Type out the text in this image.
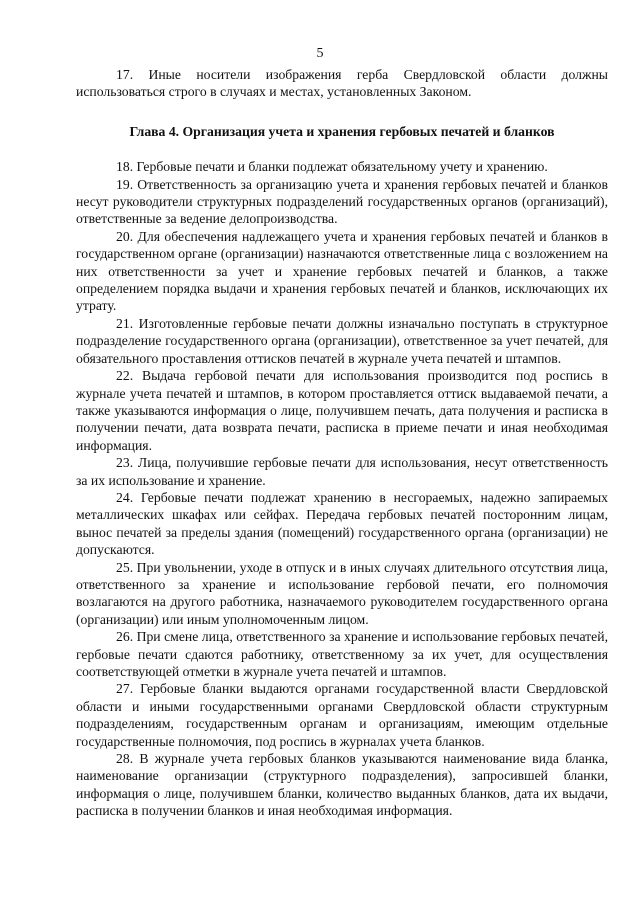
5

17. Иные носители изображения герба Свердловской области должны использоваться строго в случаях и местах, установленных Законом.

Глава 4. Организация учета и хранения гербовых печатей и бланков

18. Гербовые печати и бланки подлежат обязательному учету и хранению.

19. Ответственность за организацию учета и хранения гербовых печатей и бланков несут руководители структурных подразделений государственных органов (организаций), ответственные за ведение делопроизводства.

20. Для обеспечения надлежащего учета и хранения гербовых печатей и бланков в государственном органе (организации) назначаются ответственные лица с возложением на них ответственности за учет и хранение гербовых печатей и бланков, а также определением порядка выдачи и хранения гербовых печатей и бланков, исключающих их утрату.

21. Изготовленные гербовые печати должны изначально поступать в структурное подразделение государственного органа (организации), ответственное за учет печатей, для обязательного проставления оттисков печатей в журнале учета печатей и штампов.

22. Выдача гербовой печати для использования производится под роспись в журнале учета печатей и штампов, в котором проставляется оттиск выдаваемой печати, а также указываются информация о лице, получившем печать, дата получения и расписка в получении печати, дата возврата печати, расписка в приеме печати и иная необходимая информация.

23. Лица, получившие гербовые печати для использования, несут ответственность за их использование и хранение.

24. Гербовые печати подлежат хранению в несгораемых, надежно запираемых металлических шкафах или сейфах. Передача гербовых печатей посторонним лицам, вынос печатей за пределы здания (помещений) государственного органа (организации) не допускаются.

25. При увольнении, уходе в отпуск и в иных случаях длительного отсутствия лица, ответственного за хранение и использование гербовой печати, его полномочия возлагаются на другого работника, назначаемого руководителем государственного органа (организации) или иным уполномоченным лицом.

26. При смене лица, ответственного за хранение и использование гербовых печатей, гербовые печати сдаются работнику, ответственному за их учет, для осуществления соответствующей отметки в журнале учета печатей и штампов.

27. Гербовые бланки выдаются органами государственной власти Свердловской области и иными государственными органами Свердловской области структурным подразделениям, государственным органам и организациям, имеющим отдельные государственные полномочия, под роспись в журналах учета бланков.

28. В журнале учета гербовых бланков указываются наименование вида бланка, наименование организации (структурного подразделения), запросившей бланки, информация о лице, получившем бланки, количество выданных бланков, дата их выдачи, расписка в получении бланков и иная необходимая информация.
